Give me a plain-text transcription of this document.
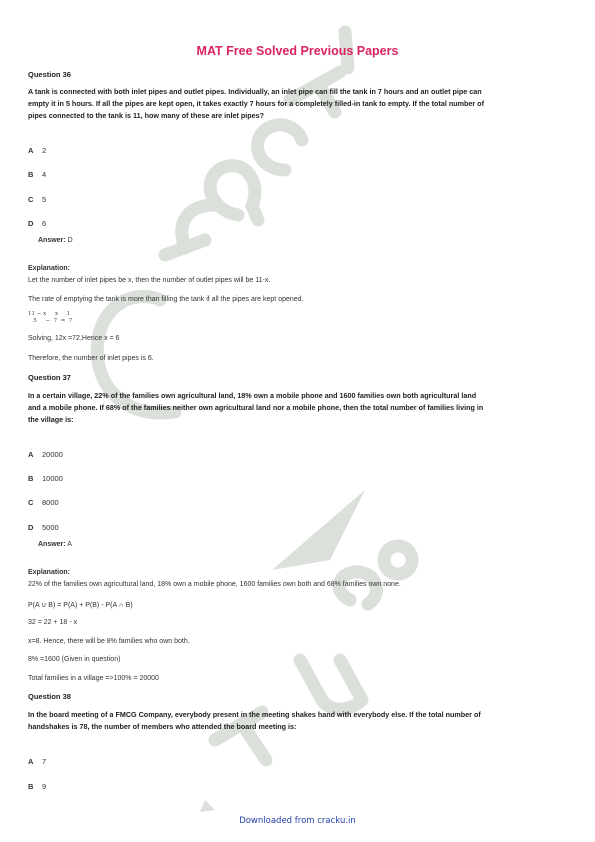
MAT Free Solved Previous Papers
Question 36
A tank is connected with both inlet pipes and outlet pipes. Individually, an inlet pipe can fill the tank in 7 hours and an outlet pipe can
empty it in 5 hours. If all the pipes are kept open, it takes exactly 7 hours for a completely filled-in tank to empty. If the total number of
pipes connected to the tank is 11, how many of these are inlet pipes?
A 2
B 4
C 5
D 6
Answer: D
Explanation:
Let the number of inlet pipes be x, then the number of outlet pipes will be 11-x.
The rate of emptying the tank is more than filling the tank if all the pipes are kept opened.
11 − x     x     1
5     −  7  =  7
Solving, 12x =72,Hence x = 6
Therefore, the number of inlet pipes is 6.
Question 37
In a certain village, 22% of the families own agricultural land, 18% own a mobile phone and 1600 families own both agricultural land
and a mobile phone. If 68% of the families neither own agricultural land nor a mobile phone, then the total number of families living in
the village is:
A 20000
B 10000
C 8000
D 5000
Answer: A
Explanation:
22% of the families own agricultural land, 18% own a mobile phone, 1600 families own both and 68% families own none.
P(A ∪ B) = P(A) + P(B) - P(A ∩ B)
32 = 22 + 18 - x
x=8. Hence, there will be 8% families who own both.
8% =1600 (Given in question)
Total families in a village =>100% = 20000
Question 38
In the board meeting of a FMCG Company, everybody present in the meeting shakes hand with everybody else. If the total number of
handshakes is 78, the number of members who attended the board meeting is:
A 7
B 9
Downloaded from cracku.in
